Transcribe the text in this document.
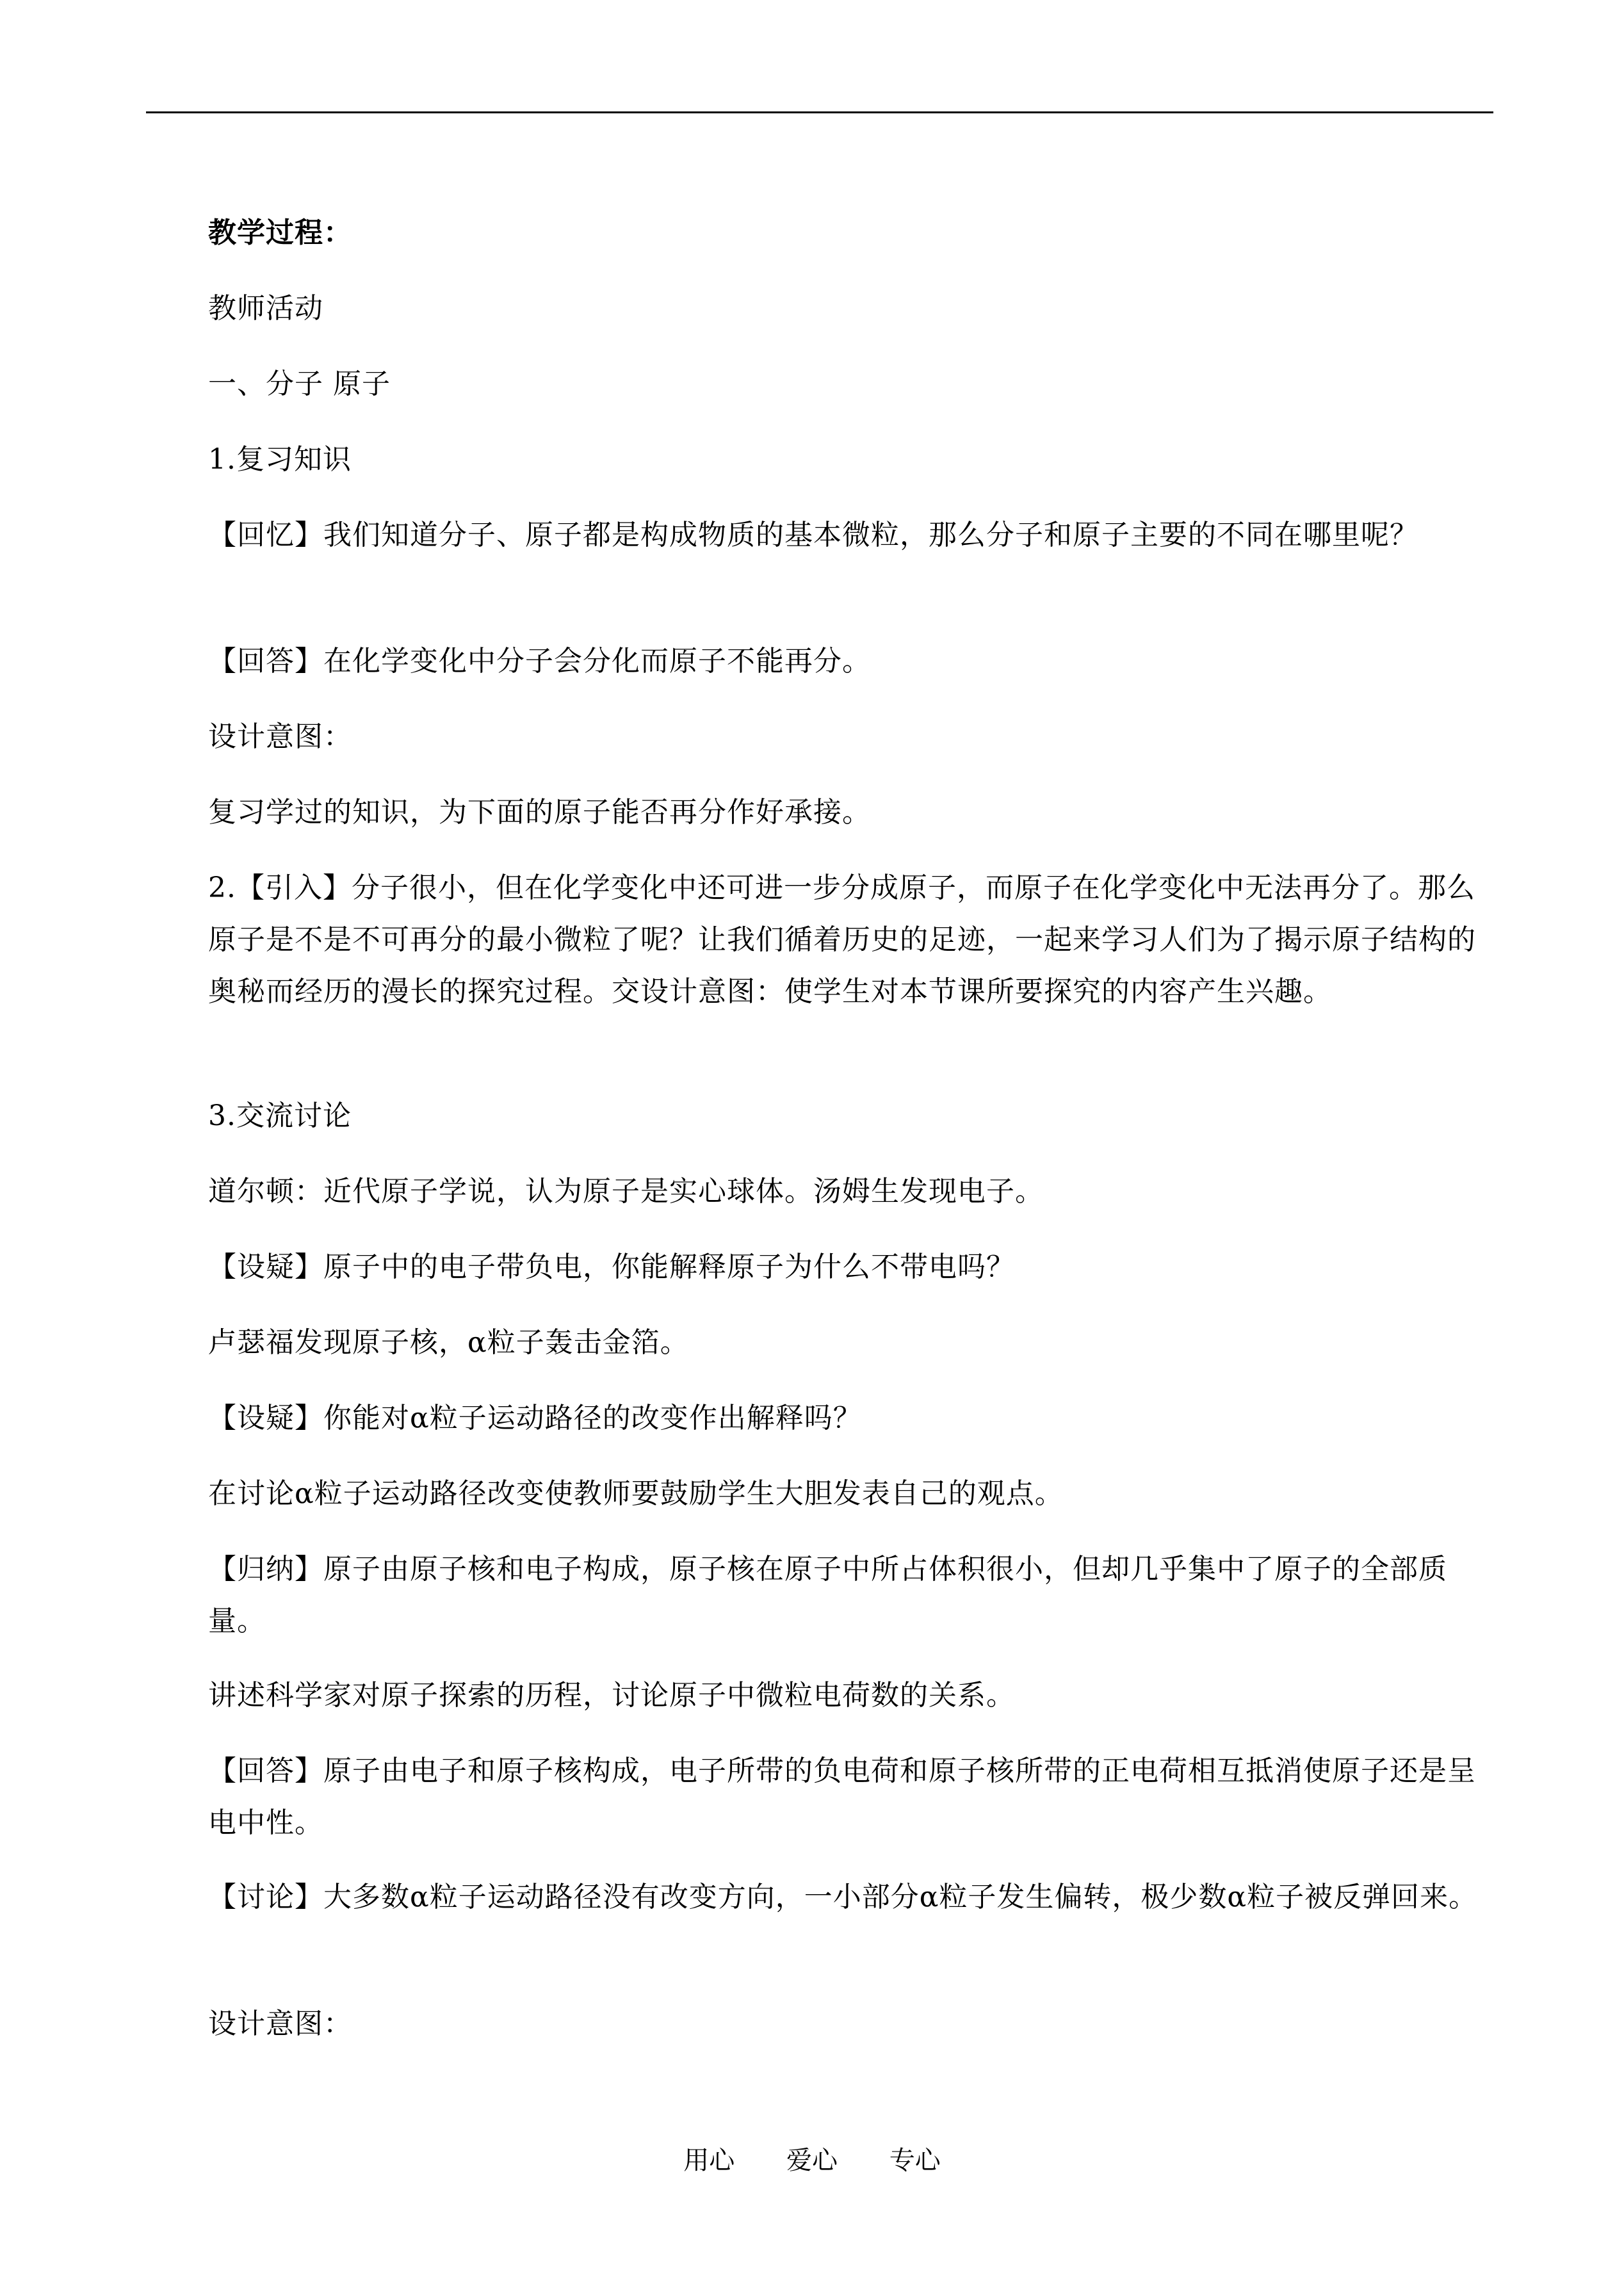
教学过程：
教师活动
一、分子 原子
1.复习知识
【回忆】我们知道分子、原子都是构成物质的基本微粒，那么分子和原子主要的不同在哪里呢？
【回答】在化学变化中分子会分化而原子不能再分。
设计意图：
复习学过的知识，为下面的原子能否再分作好承接。
2.【引入】分子很小，但在化学变化中还可进一步分成原子，而原子在化学变化中无法再分了。那么原子是不是不可再分的最小微粒了呢？让我们循着历史的足迹，一起来学习人们为了揭示原子结构的奥秘而经历的漫长的探究过程。交设计意图：使学生对本节课所要探究的内容产生兴趣。
3.交流讨论
道尔顿：近代原子学说，认为原子是实心球体。汤姆生发现电子。
【设疑】原子中的电子带负电，你能解释原子为什么不带电吗？
卢瑟福发现原子核，α粒子轰击金箔。
【设疑】你能对α粒子运动路径的改变作出解释吗？
在讨论α粒子运动路径改变使教师要鼓励学生大胆发表自己的观点。
【归纳】原子由原子核和电子构成，原子核在原子中所占体积很小，但却几乎集中了原子的全部质量。
讲述科学家对原子探索的历程，讨论原子中微粒电荷数的关系。
【回答】原子由电子和原子核构成，电子所带的负电荷和原子核所带的正电荷相互抵消使原子还是呈电中性。
【讨论】大多数α粒子运动路径没有改变方向，一小部分α粒子发生偏转，极少数α粒子被反弹回来。
设计意图：
用心 爱心 专心
